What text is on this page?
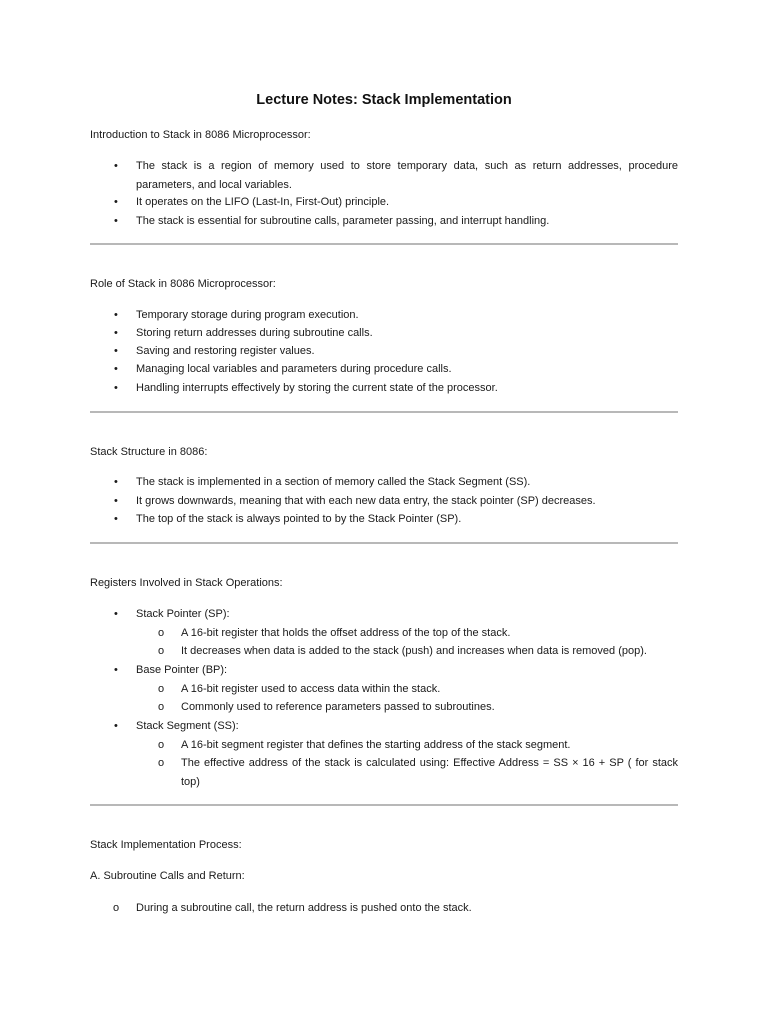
Lecture Notes: Stack Implementation
Introduction to Stack in 8086 Microprocessor:
• The stack is a region of memory used to store temporary data, such as return addresses, procedure parameters, and local variables.
• It operates on the LIFO (Last-In, First-Out) principle.
• The stack is essential for subroutine calls, parameter passing, and interrupt handling.
Role of Stack in 8086 Microprocessor:
• Temporary storage during program execution.
• Storing return addresses during subroutine calls.
• Saving and restoring register values.
• Managing local variables and parameters during procedure calls.
• Handling interrupts effectively by storing the current state of the processor.
Stack Structure in 8086:
• The stack is implemented in a section of memory called the Stack Segment (SS).
• It grows downwards, meaning that with each new data entry, the stack pointer (SP) decreases.
• The top of the stack is always pointed to by the Stack Pointer (SP).
Registers Involved in Stack Operations:
• Stack Pointer (SP):
o A 16-bit register that holds the offset address of the top of the stack.
o It decreases when data is added to the stack (push) and increases when data is removed (pop).
• Base Pointer (BP):
o A 16-bit register used to access data within the stack.
o Commonly used to reference parameters passed to subroutines.
• Stack Segment (SS):
o A 16-bit segment register that defines the starting address of the stack segment.
o The effective address of the stack is calculated using: Effective Address = SS × 16 + SP ( for stack top)
Stack Implementation Process:
A. Subroutine Calls and Return:
o During a subroutine call, the return address is pushed onto the stack.
